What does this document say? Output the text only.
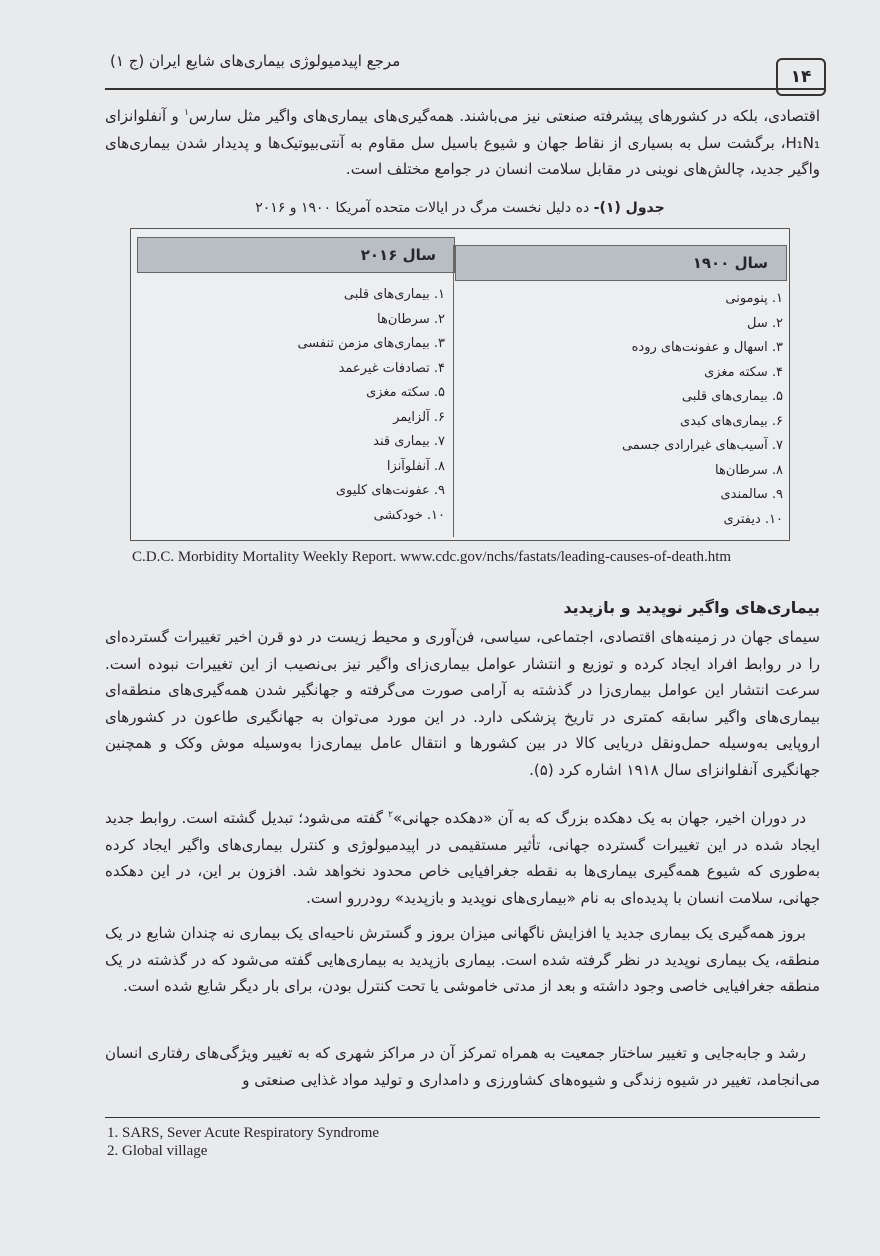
مرجع اپیدمیولوژی بیماری‌های شایع ایران (ج ۱)
۱۴

اقتصادی، بلکه در کشورهای پیشرفته صنعتی نیز می‌باشند. همه‌گیری‌های بیماری‌های واگیر مثل سارس$^۱$ و آنفلوانزای H₁N₁، برگشت سل به بسیاری از نقاط جهان و شیوع باسیل سل مقاوم به آنتی‌بیوتیک‌ها و پدیدار شدن بیماری‌های واگیر جدید، چالش‌های نوینی در مقابل سلامت انسان در جوامع مختلف است.

جدول (۱)- ده دلیل نخست مرگ در ایالات متحده آمریکا ۱۹۰۰ و ۲۰۱۶
سال ۲۰۱۶	سال ۱۹۰۰
۱. پنومونی
۲. سل
۳. اسهال و عفونت‌های روده
۴. سکته مغزی
۵. بیماری‌های قلبی
۶. بیماری‌های کبدی
۷. آسیب‌های غیرارادی جسمی
۸. سرطان‌ها
۹. سالمندی
۱۰. دیفتری
۱. بیماری‌های قلبی
۲. سرطان‌ها
۳. بیماری‌های مزمن تنفسی
۴. تصادفات غیرعمد
۵. سکته مغزی
۶. آلزایمر
۷. بیماری قند
۸. آنفلوآنزا
۹. عفونت‌های کلیوی
۱۰. خودکشی
C.D.C. Morbidity Mortality Weekly Report. www.cdc.gov/nchs/fastats/leading-causes-of-death.htm
بیماری‌های واگیر نوپدید و بازپدید

سیمای جهان در زمینه‌های اقتصادی، اجتماعی، سیاسی، فن‌آوری و محیط زیست در دو قرن اخیر تغییرات گسترده‌ای را در روابط افراد ایجاد کرده و توزیع و انتشار عوامل بیماری‌زای واگیر نیز بی‌نصیب از این تغییرات نبوده است. سرعت انتشار این عوامل بیماری‌زا در گذشته به آرامی صورت می‌گرفته و جهانگیر شدن همه‌گیری‌های منطقه‌ای بیماری‌های واگیر سابقه کمتری در تاریخ پزشکی دارد. در این مورد می‌توان به جهانگیری طاعون در کشورهای اروپایی به‌وسیله حمل‌ونقل دریایی کالا در بین کشورها و انتقال عامل بیماری‌زا به‌وسیله موش وکک و همچنین جهانگیری آنفلوانزای سال ۱۹۱۸ اشاره کرد (۵).

در دوران اخیر، جهان به یک دهکده بزرگ که به آن «دهکده جهانی»$^۲$ گفته می‌شود؛ تبدیل گشته است. روابط جدید ایجاد شده در این تغییرات گسترده جهانی، تأثیر مستقیمی در اپیدمیولوژی و کنترل بیماری‌های واگیر ایجاد کرده به‌طوری که شیوع همه‌گیری بیماری‌ها به نقطه جغرافیایی خاص محدود نخواهد شد. افزون بر این، در این دهکده جهانی، سلامت انسان با پدیده‌ای به نام «بیماری‌های نوپدید و بازپدید» رودررو است.

بروز همه‌گیری یک بیماری جدید یا افزایش ناگهانی میزان بروز و گسترش ناحیه‌ای یک بیماری نه چندان شایع در یک منطقه، یک بیماری نوپدید در نظر گرفته شده است. بیماری بازپدید به بیماری‌هایی گفته می‌شود که در گذشته در یک منطقه جغرافیایی خاصی وجود داشته و بعد از مدتی خاموشی یا تحت کنترل بودن، برای بار دیگر شایع شده است.

رشد و جابه‌جایی و تغییر ساختار جمعیت به همراه تمرکز آن در مراکز شهری که به تغییر ویژگی‌های رفتاری انسان می‌انجامد، تغییر در شیوه زندگی و شیوه‌های کشاورزی و دامداری و تولید مواد غذایی صنعتی و

1. SARS, Sever Acute Respiratory Syndrome
2. Global village
